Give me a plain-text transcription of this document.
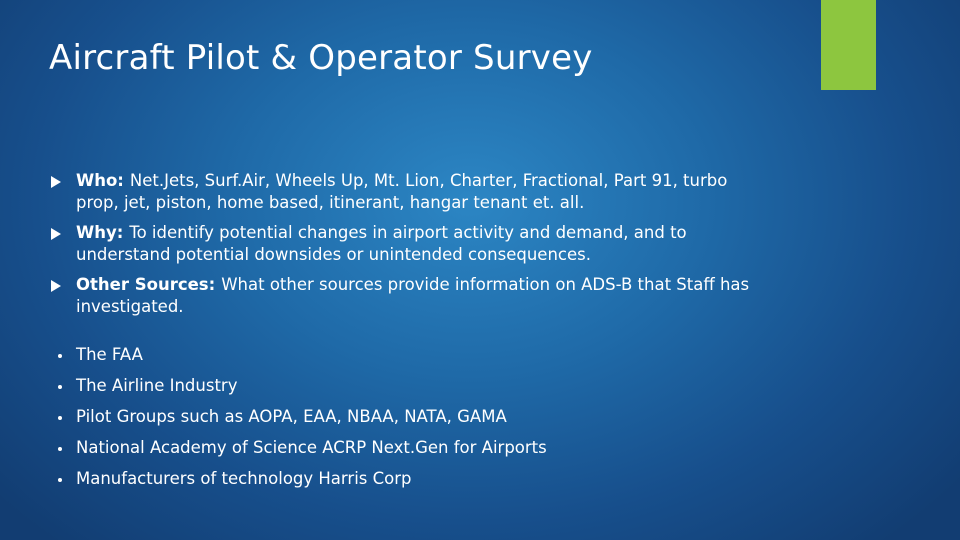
Aircraft Pilot & Operator Survey
Who: Net.Jets, Surf.Air, Wheels Up, Mt. Lion, Charter, Fractional, Part 91, turbo prop, jet, piston, home based, itinerant, hangar tenant et. all.
Why: To identify potential changes in airport activity and demand, and to understand potential downsides or unintended consequences.
Other Sources: What other sources provide information on ADS-B that Staff has investigated.
The FAA
The Airline Industry
Pilot Groups such as AOPA, EAA, NBAA, NATA, GAMA
National Academy of Science ACRP Next.Gen for Airports
Manufacturers of technology Harris Corp
